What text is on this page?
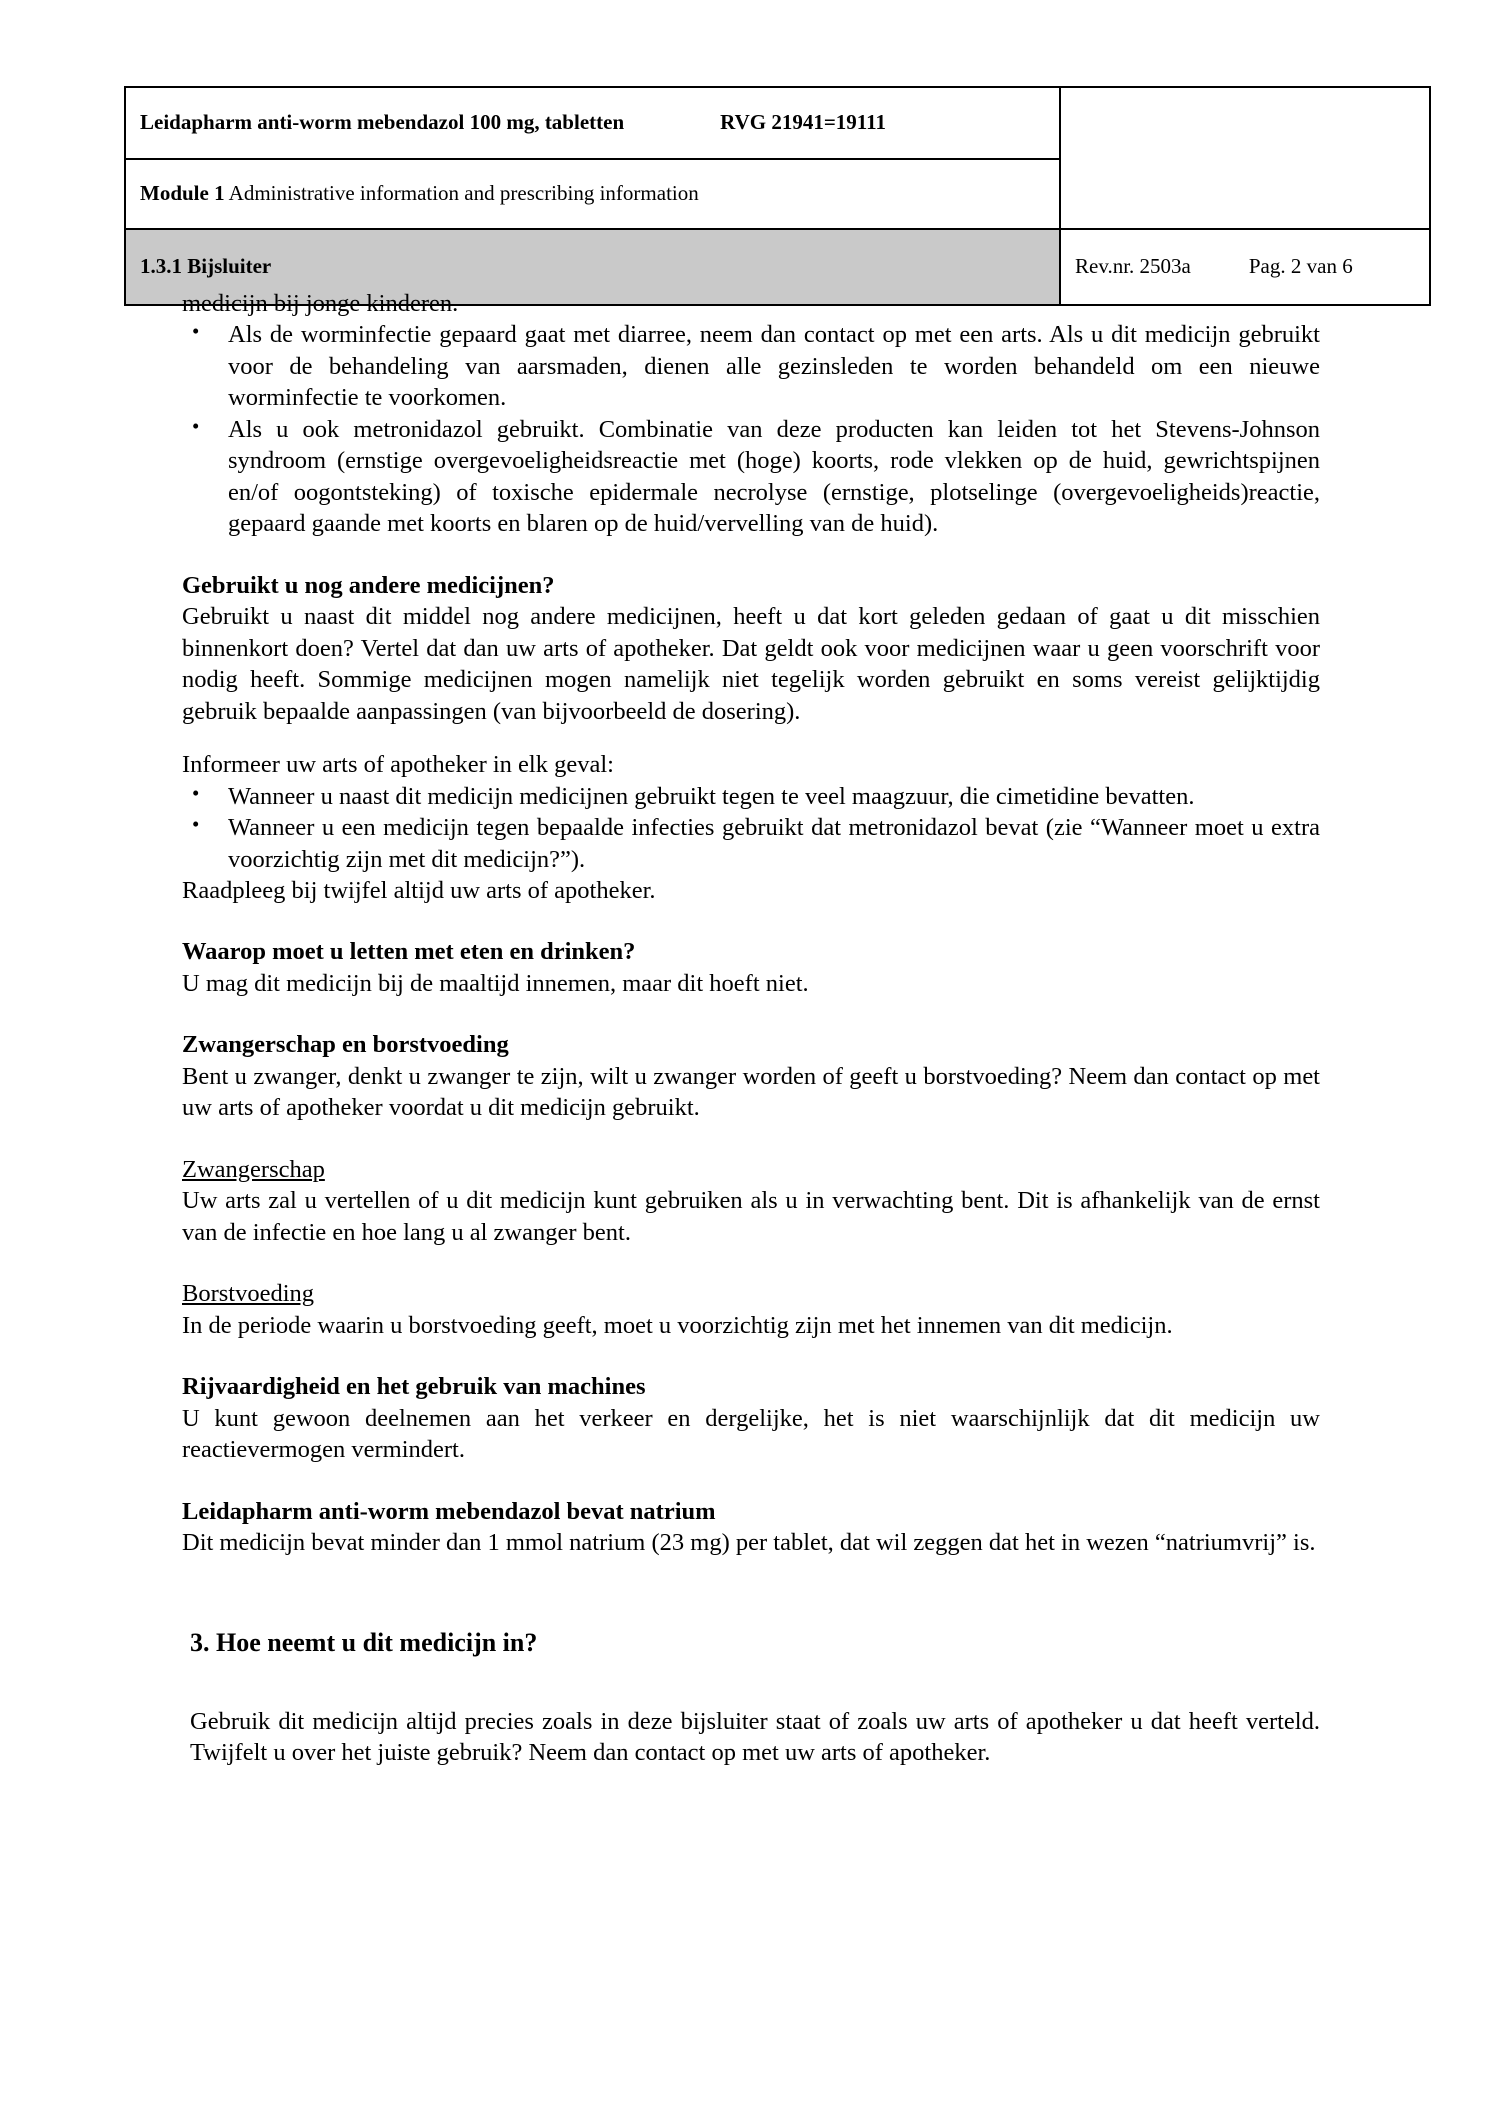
Leidapharm anti-worm mebendazol 100 mg, tabletten RVG 21941=19111	
Module 1 Administrative information and prescribing information	
1.3.1 Bijsluiter	Rev.nr. 2503a Pag. 2 van 6

medicijn bij jonge kinderen.

• Als de worminfectie gepaard gaat met diarree, neem dan contact op met een arts. Als u dit medicijn gebruikt voor de behandeling van aarsmaden, dienen alle gezinsleden te worden behandeld om een nieuwe worminfectie te voorkomen.
• Als u ook metronidazol gebruikt. Combinatie van deze producten kan leiden tot het Stevens-Johnson syndroom (ernstige overgevoeligheidsreactie met (hoge) koorts, rode vlekken op de huid, gewrichtspijnen en/of oogontsteking) of toxische epidermale necrolyse (ernstige, plotselinge (overgevoeligheids)reactie, gepaard gaande met koorts en blaren op de huid/vervelling van de huid).
Gebruikt u nog andere medicijnen?

Gebruikt u naast dit middel nog andere medicijnen, heeft u dat kort geleden gedaan of gaat u dit misschien binnenkort doen? Vertel dat dan uw arts of apotheker. Dat geldt ook voor medicijnen waar u geen voorschrift voor nodig heeft. Sommige medicijnen mogen namelijk niet tegelijk worden gebruikt en soms vereist gelijktijdig gebruik bepaalde aanpassingen (van bijvoorbeeld de dosering).

Informeer uw arts of apotheker in elk geval:

• Wanneer u naast dit medicijn medicijnen gebruikt tegen te veel maagzuur, die cimetidine bevatten.
• Wanneer u een medicijn tegen bepaalde infecties gebruikt dat metronidazol bevat (zie “Wanneer moet u extra voorzichtig zijn met dit medicijn?”).

Raadpleeg bij twijfel altijd uw arts of apotheker.

Waarop moet u letten met eten en drinken?

U mag dit medicijn bij de maaltijd innemen, maar dit hoeft niet.

Zwangerschap en borstvoeding

Bent u zwanger, denkt u zwanger te zijn, wilt u zwanger worden of geeft u borstvoeding? Neem dan contact op met uw arts of apotheker voordat u dit medicijn gebruikt.

Zwangerschap

Uw arts zal u vertellen of u dit medicijn kunt gebruiken als u in verwachting bent. Dit is afhankelijk van de ernst van de infectie en hoe lang u al zwanger bent.

Borstvoeding

In de periode waarin u borstvoeding geeft, moet u voorzichtig zijn met het innemen van dit medicijn.

Rijvaardigheid en het gebruik van machines

U kunt gewoon deelnemen aan het verkeer en dergelijke, het is niet waarschijnlijk dat dit medicijn uw reactievermogen vermindert.

Leidapharm anti-worm mebendazol bevat natrium

Dit medicijn bevat minder dan 1 mmol natrium (23 mg) per tablet, dat wil zeggen dat het in wezen “natriumvrij” is.

3. Hoe neemt u dit medicijn in?

Gebruik dit medicijn altijd precies zoals in deze bijsluiter staat of zoals uw arts of apotheker u dat heeft verteld. Twijfelt u over het juiste gebruik? Neem dan contact op met uw arts of apotheker.
